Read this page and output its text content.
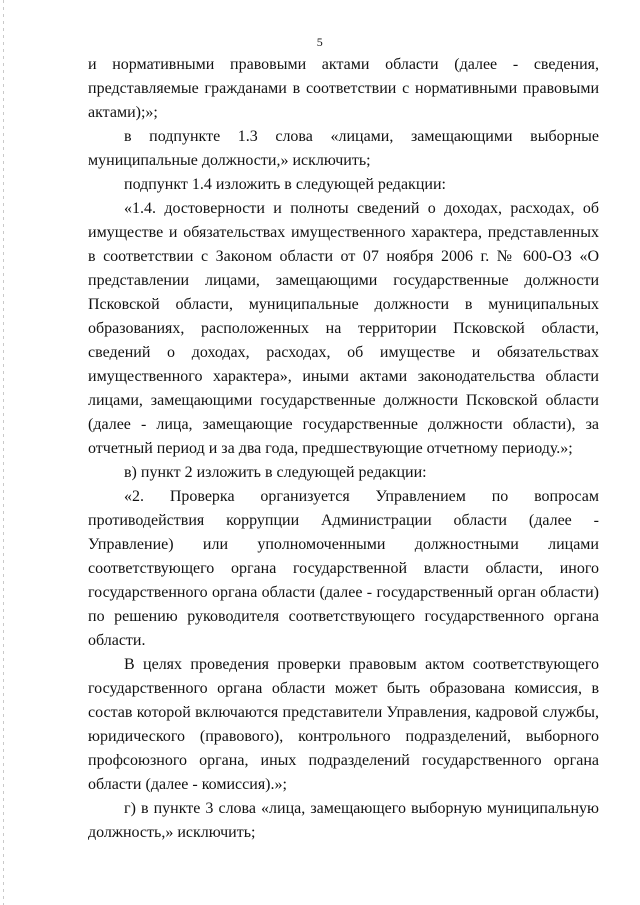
5

и нормативными правовыми актами области (далее - сведения, представляемые гражданами в соответствии с нормативными правовыми актами);»;

в подпункте 1.3 слова «лицами, замещающими выборные муниципальные должности,» исключить;

подпункт 1.4 изложить в следующей редакции:

«1.4. достоверности и полноты сведений о доходах, расходах, об имуществе и обязательствах имущественного характера, представленных в соответствии с Законом области от 07 ноября 2006 г. № 600-ОЗ «О представлении лицами, замещающими государственные должности Псковской области, муниципальные должности в муниципальных образованиях, расположенных на территории Псковской области, сведений о доходах, расходах, об имуществе и обязательствах имущественного характера», иными актами законодательства области лицами, замещающими государственные должности Псковской области (далее - лица, замещающие государственные должности области), за отчетный период и за два года, предшествующие отчетному периоду.»;

в) пункт 2 изложить в следующей редакции:

«2. Проверка организуется Управлением по вопросам противодействия коррупции Администрации области (далее - Управление) или уполномоченными должностными лицами соответствующего органа государственной власти области, иного государственного органа области (далее - государственный орган области) по решению руководителя соответствующего государственного органа области.

В целях проведения проверки правовым актом соответствующего государственного органа области может быть образована комиссия, в состав которой включаются представители Управления, кадровой службы, юридического (правового), контрольного подразделений, выборного профсоюзного органа, иных подразделений государственного органа области (далее - комиссия).»;

г) в пункте 3 слова «лица, замещающего выборную муниципальную должность,» исключить;
